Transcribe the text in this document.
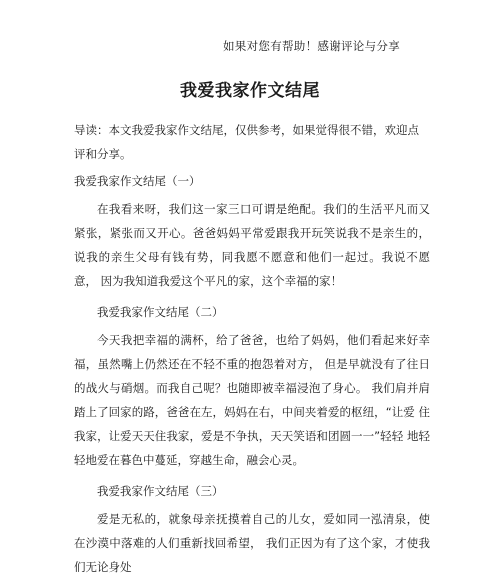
如果对您有帮助！感谢评论与分享
我爱我家作文结尾

导读：本文我爱我家作文结尾，仅供参考，如果觉得很不错，欢迎点 评和分享。

我爱我家作文结尾（一）

在我看来呀，我们这一家三口可谓是绝配。我们的生活平凡而又 紧张，紧张而又开心。爸爸妈妈平常爱跟我开玩笑说我不是亲生的， 说我的亲生父母有钱有势，同我愿不愿意和他们一起过。我说不愿意， 因为我知道我爱这个平凡的家，这个幸福的家！

我爱我家作文结尾（二）

今天我把幸福的满杯，给了爸爸，也给了妈妈，他们看起来好幸 福，虽然嘴上仍然还在不轻不重的抱怨着对方， 但是早就没有了往日 的战火与硝烟。而我自己呢？也随即被幸福浸泡了身心。 我们肩并肩 踏上了回家的路，爸爸在左，妈妈在右，中间夹着爱的枢纽，“让爱 住我家，让爱天天住我家，爱是不争执，天天笑语和团圆一一”轻轻 地轻轻地爱在暮色中蔓延，穿越生命，融会心灵。

我爱我家作文结尾（三）

爱是无私的，就象母亲抚摸着自己的儿女，爱如同一泓清泉，使 在沙漠中落难的人们重新找回希望， 我们正因为有了这个家，才使我 们无论身处
